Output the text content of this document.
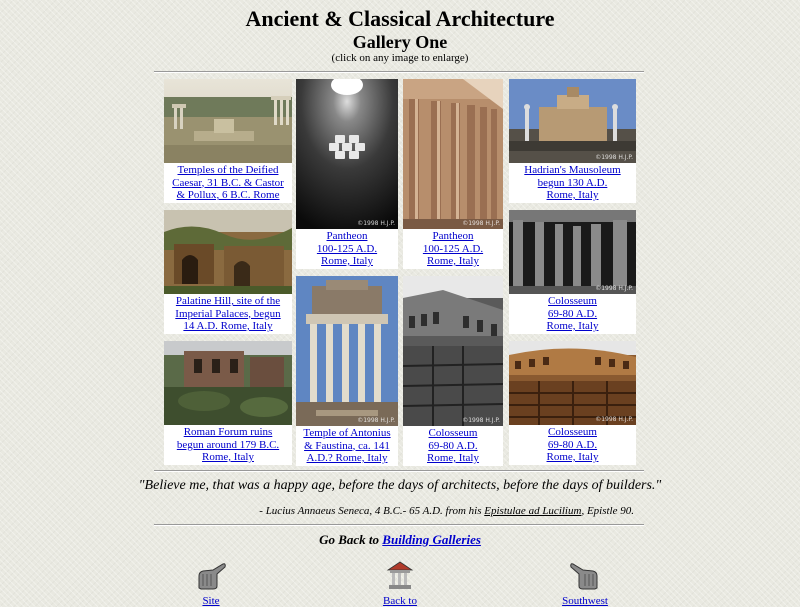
Ancient & Classical Architecture
Gallery One
(click on any image to enlarge)
Temples of the Deified
Caesar, 31 B.C. & Castor
& Pollux, 6 B.C. Rome
©1998 H.J.P.
Pantheon
100-125 A.D.
Rome, Italy
©1998 H.J.P.
Pantheon
100-125 A.D.
Rome, Italy
©1998 H.J.P.
Hadrian's Mausoleum
begun 130 A.D.
Rome, Italy
Palatine Hill, site of the
Imperial Palaces, begun
14 A.D. Rome, Italy
©1998 H.J.P.
Colosseum
69-80 A.D.
Rome, Italy
©1998 H.J.P.
Temple of Antonius
& Faustina, ca. 141
A.D.? Rome, Italy
©1998 H.J.P.
Colosseum
69-80 A.D.
Rome, Italy
Roman Forum ruins
begun around 179 B.C.
Rome, Italy
©1998 H.J.P.
Colosseum
69-80 A.D.
Rome, Italy
"Believe me, that was a happy age, before the days of architects, before the days of builders."
- Lucius Annaeus Seneca, 4 B.C.- 65 A.D. from his Epistulae ad Lucilium, Epistle 90.
Go Back to Building Galleries
Site	Back to	Southwest
